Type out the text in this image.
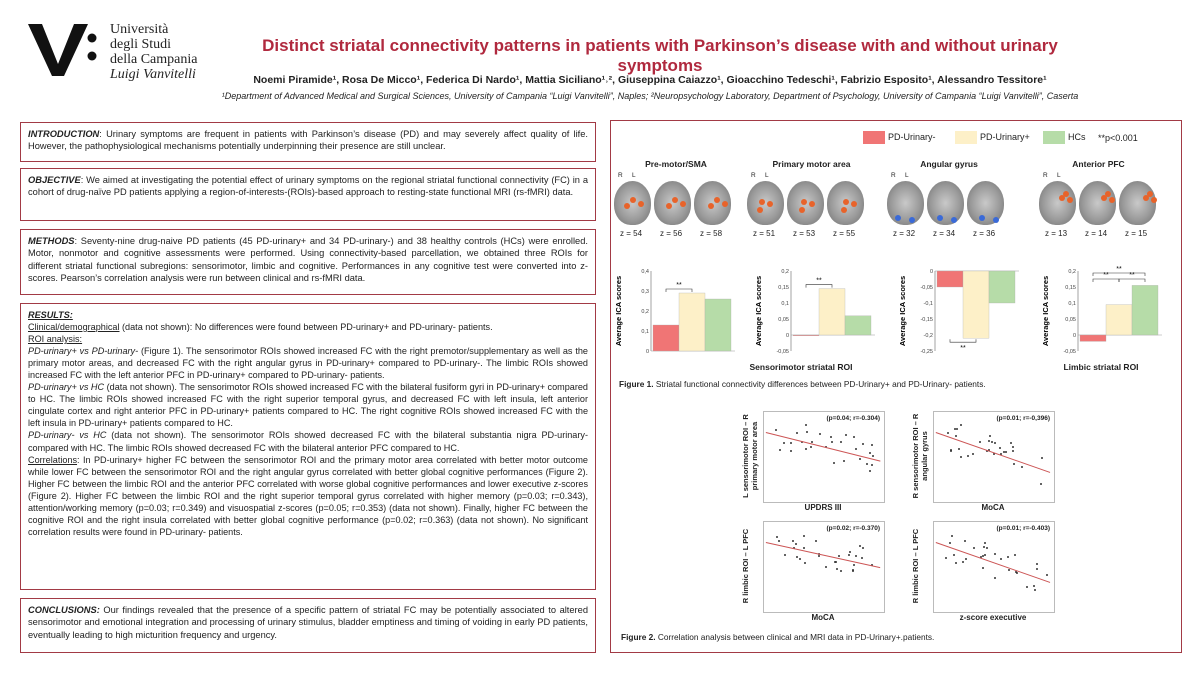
Università
degli Studi
della Campania
Luigi Vanvitelli
Distinct striatal connectivity patterns in patients with Parkinson’s disease with and without urinary symptoms
Noemi Piramide¹, Rosa De Micco¹, Federica Di Nardo¹, Mattia Siciliano¹˒², Giuseppina Caiazzo¹, Gioacchino Tedeschi¹, Fabrizio Esposito¹, Alessandro Tessitore¹
¹Department of Advanced Medical and Surgical Sciences, University of Campania “Luigi Vanvitelli”, Naples; ²Neuropsychology Laboratory, Department of Psychology, University of Campania “Luigi Vanvitelli”, Caserta
INTRODUCTION: Urinary symptoms are frequent in patients with Parkinson’s disease (PD) and may severely affect quality of life. However, the pathophysiological mechanisms potentially underpinning their presence are still unclear.
OBJECTIVE: We aimed at investigating the potential effect of urinary symptoms on the regional striatal functional connectivity (FC) in a cohort of drug-naïve PD patients applying a region-of-interests-(ROIs)-based approach to resting-state functional MRI (rs-fMRI) data.
METHODS: Seventy-nine drug-naive PD patients (45 PD-urinary+ and 34 PD-urinary-) and 38 healthy controls (HCs) were enrolled. Motor, nonmotor and cognitive assessments were performed. Using connectivity-based parcellation, we obtained three ROIs for different striatal functional subregions: sensorimotor, limbic and cognitive. Performances in any cognitive test were converted into z-scores. Pearson’s correlation analysis were run between clinical and rs-fMRI data.
RESULTS:
Clinical/demographical (data not shown): No differences were found between PD-urinary+ and PD-urinary- patients.
ROI analysis:
PD-urinary+ vs PD-urinary- (Figure 1). The sensorimotor ROIs showed increased FC with the right premotor/supplementary as well as the primary motor areas, and decreased FC with the right angular gyrus in PD-urinary+ compared to PD-urinary-. The limbic ROIs showed increased FC with the left anterior PFC in PD-urinary+ compared to PD-urinary- patients.
PD-urinary+ vs HC (data not shown). The sensorimotor ROIs showed increased FC with the bilateral fusiform gyri in PD-urinary+ compared to HC. The limbic ROIs showed increased FC with the right superior temporal gyrus, and decreased FC with left insula, left anterior cingulate cortex and right anterior PFC in PD-urinary+ patients compared to HC. The right cognitive ROIs showed increased FC with the left insula in PD-urinary+ patients compared to HC.
PD-urinary- vs HC (data not shown). The sensorimotor ROIs showed decreased FC with the bilateral substantia nigra PD-urinary- compared with HC. The limbic ROIs showed decreased FC with the bilateral anterior PFC compared to HC.
Correlations: In PD-urinary+ higher FC between the sensorimotor ROI and the primary motor area correlated with better motor outcome while lower FC between the sensorimotor ROI and the right angular gyrus correlated with better global cognitive performances (Figure 2). Higher FC between the limbic ROI and the anterior PFC correlated with worse global cognitive performances and lower executive z-scores (Figure 2). Higher FC between the limbic ROI and the right superior temporal gyrus correlated with higher memory (p=0.03; r=0.343), attention/working memory (p=0.03; r=0.349) and visuospatial z-scores (p=0.05; r=0.353) (data not shown). Finally, higher FC between the cognitive ROI and the right insula correlated with better global cognitive performance (p=0.02; r=0.363) (data not shown). No significant correlation results were found in PD-urinary- patients.
CONCLUSIONS: Our findings revealed that the presence of a specific pattern of striatal FC may be potentially associated to altered sensorimotor and emotional integration and processing of urinary stimulus, bladder emptiness and timing of voiding in early PD patients, eventually leading to high micturition frequency and urgency.
PD-Urinary-	PD-Urinary+	HCs **p<0.001
Pre-motor/SMA	Primary motor area	Angular gyrus	Anterior PFC
R L
z = 54 z = 56 z = 58
R L
z = 51 z = 53 z = 55
R L
z = 32 z = 34 z = 36
R L
z = 13 z = 14 z = 15
Average ICA scores
0,4
0,3
0,2
0,1
0
**	Average ICA scores
0,2
0,15
0,1
0,05
0
-0,05
**	Average ICA scores
0
-0,05
-0,1
-0,15
-0,2
-0,25	**
Average ICA scores
0,2
0,15
0,1
0,05
0
-0,05
**	**
**
Sensorimotor striatal ROI	Limbic striatal ROI
Figure 1. Striatal functional connectivity differences between PD-Urinary+ and PD-Urinary- patients.
(p=0.04; r=-0.304)
L sensorimotor ROI – R primary motor area
UPDRS III
(p=0.01; r=-0,396)
R sensorimotor ROI – R angular gyrus
MoCA
(p=0.02; r=-0.370)
R limbic ROI – L PFC
MoCA
(p=0.01; r=-0.403)
R limbic ROI – L PFC
z-score executive
Figure 2. Correlation analysis between clinical and MRI data in PD-Urinary+.patients.
